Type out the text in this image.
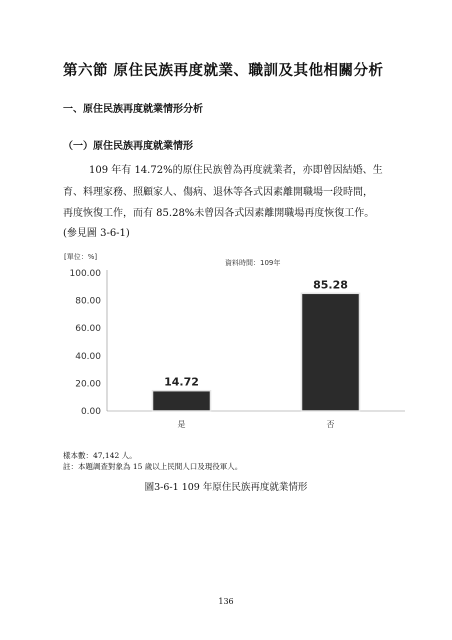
第六節 原住民族再度就業、職訓及其他相關分析
一、原住民族再度就業情形分析
（一）原住民族再度就業情形
109 年有 14.72%的原住民族曾為再度就業者，亦即曾因結婚、生
育、料理家務、照顧家人、傷病、退休等各式因素離開職場一段時間，
再度恢復工作，而有 85.28%未曾因各式因素離開職場再度恢復工作。
(參見圖 3-6-1)
[單位：%]
資料時間：109年
100.00
80.00
60.00
40.00
20.00
0.00
14.72
是
85.28
否
樣本數：47,142 人。
註：本題調查對象為 15 歲以上民間人口及現役軍人。
圖3-6-1 109 年原住民族再度就業情形
136
